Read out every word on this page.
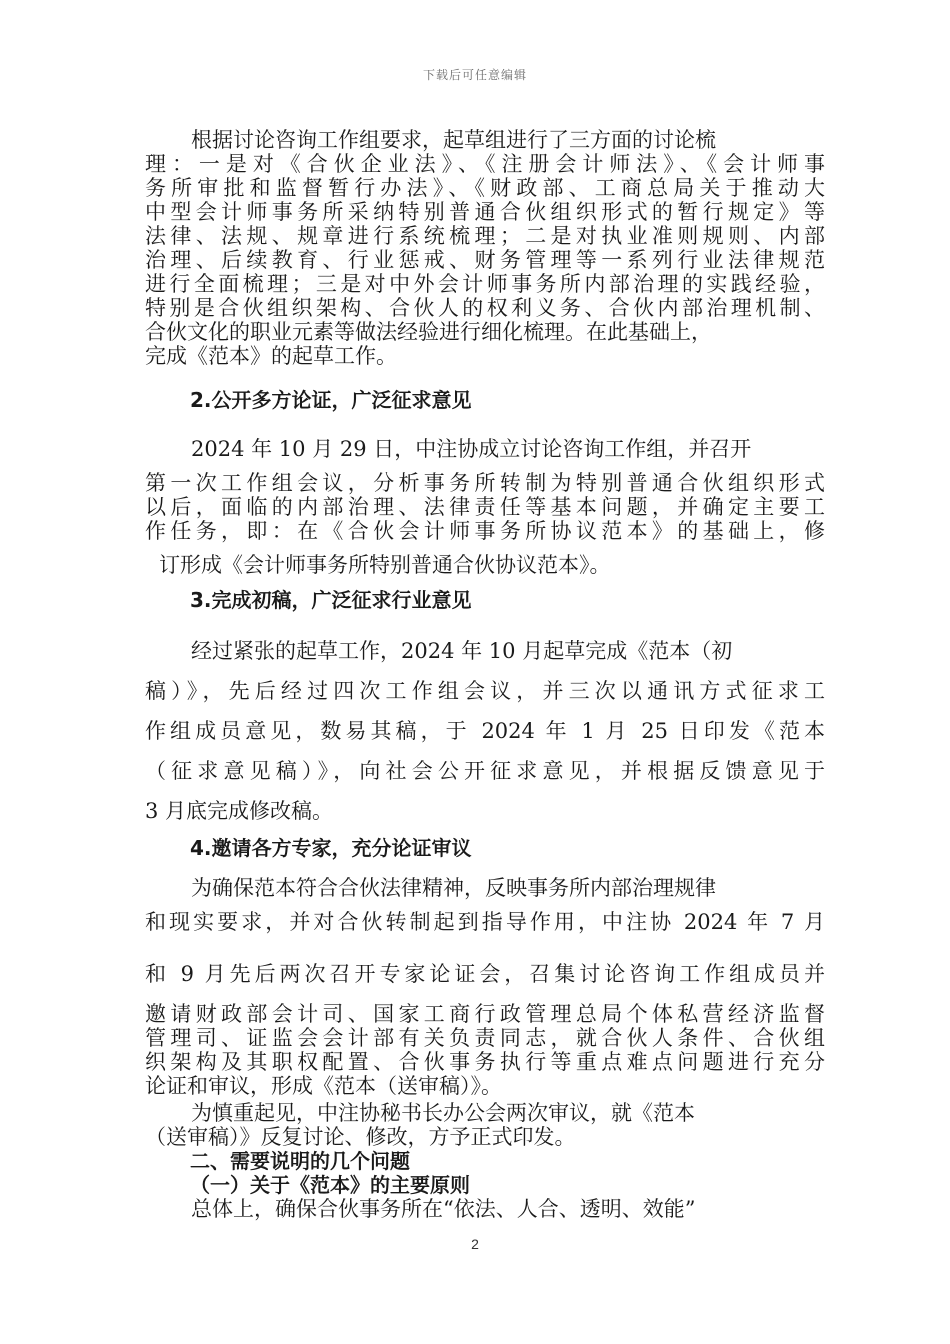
下载后可任意编辑
根据讨论咨询工作组要求，起草组进行了三方面的讨论梳
理：一是对《合伙企业法》、《注册会计师法》、《会计师事
务所审批和监督暂行办法》、《财政部、工商总局关于推动大
中型会计师事务所采纳特别普通合伙组织形式的暂行规定》等
法律、法规、规章进行系统梳理；二是对执业准则规则、内部
治理、后续教育、行业惩戒、财务管理等一系列行业法律规范
进行全面梳理；三是对中外会计师事务所内部治理的实践经验，
特别是合伙组织架构、合伙人的权利义务、合伙内部治理机制、
合伙文化的职业元素等做法经验进行细化梳理。在此基础上，
完成《范本》的起草工作。
2.公开多方论证，广泛征求意见
2024 年 10 月 29 日，中注协成立讨论咨询工作组，并召开
第一次工作组会议，分析事务所转制为特别普通合伙组织形式
以后，面临的内部治理、法律责任等基本问题，并确定主要工
作任务，即：在《合伙会计师事务所协议范本》的基础上，修
订形成《会计师事务所特别普通合伙协议范本》。
3.完成初稿，广泛征求行业意见
经过紧张的起草工作，2024 年 10 月起草完成《范本（初
稿）》，先后经过四次工作组会议，并三次以通讯方式征求工
作组成员意见，数易其稿，于 2024 年 1 月 25 日印发《范本
（征求意见稿）》，向社会公开征求意见，并根据反馈意见于
3 月底完成修改稿。
4.邀请各方专家，充分论证审议
为确保范本符合合伙法律精神，反映事务所内部治理规律
和现实要求，并对合伙转制起到指导作用，中注协 2024 年 7 月
和 9 月先后两次召开专家论证会，召集讨论咨询工作组成员并
邀请财政部会计司、国家工商行政管理总局个体私营经济监督
管理司、证监会会计部有关负责同志，就合伙人条件、合伙组
织架构及其职权配置、合伙事务执行等重点难点问题进行充分
论证和审议，形成《范本（送审稿）》。
为慎重起见，中注协秘书长办公会两次审议，就《范本
（送审稿）》反复讨论、修改，方予正式印发。
二、需要说明的几个问题
（一）关于《范本》的主要原则
总体上，确保合伙事务所在“依法、人合、透明、效能”
2
